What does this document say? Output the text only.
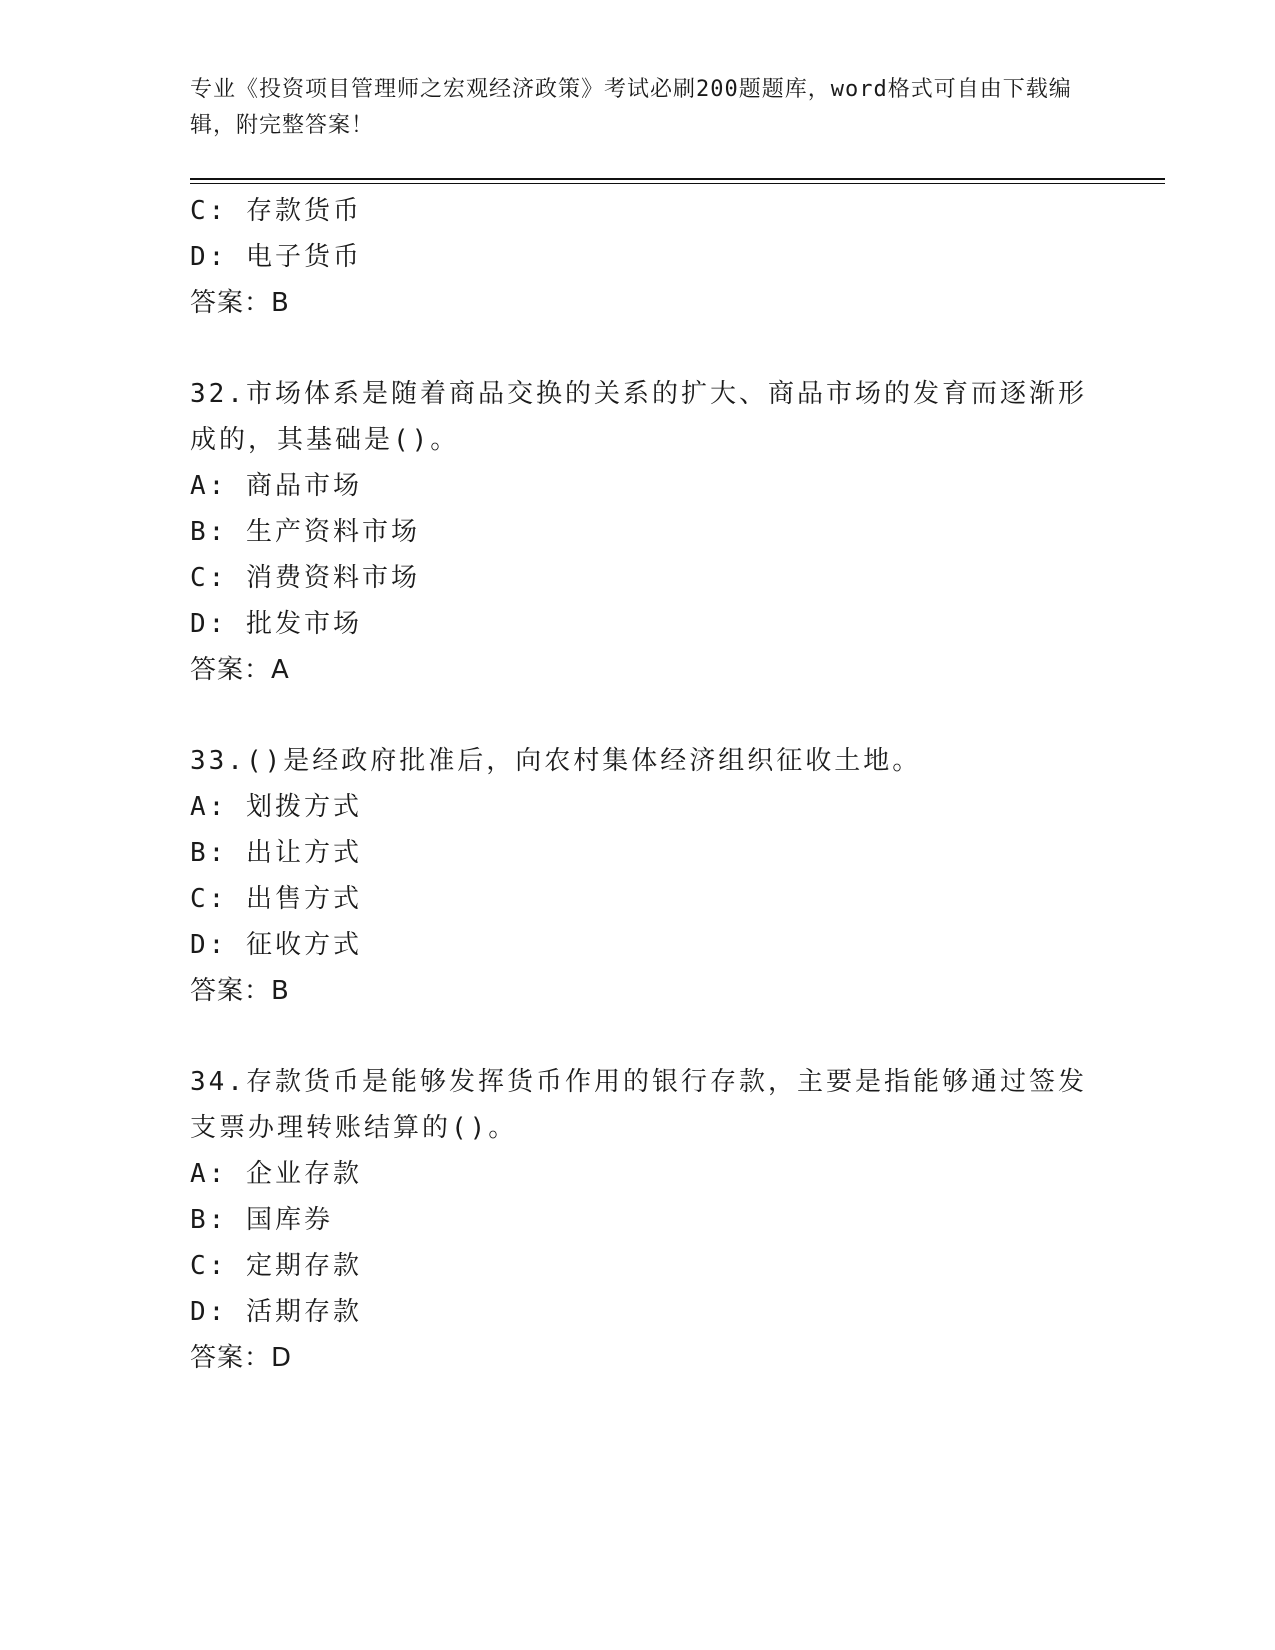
专业《投资项目管理师之宏观经济政策》考试必刷200题题库，word格式可自由下载编辑，附完整答案！
C: 存款货币
D: 电子货币
答案：B
32.市场体系是随着商品交换的关系的扩大、商品市场的发育而逐渐形成的，其基础是()。
A: 商品市场
B: 生产资料市场
C: 消费资料市场
D: 批发市场
答案：A
33.()是经政府批准后，向农村集体经济组织征收土地。
A: 划拨方式
B: 出让方式
C: 出售方式
D: 征收方式
答案：B
34.存款货币是能够发挥货币作用的银行存款，主要是指能够通过签发支票办理转账结算的()。
A: 企业存款
B: 国库券
C: 定期存款
D: 活期存款
答案：D
